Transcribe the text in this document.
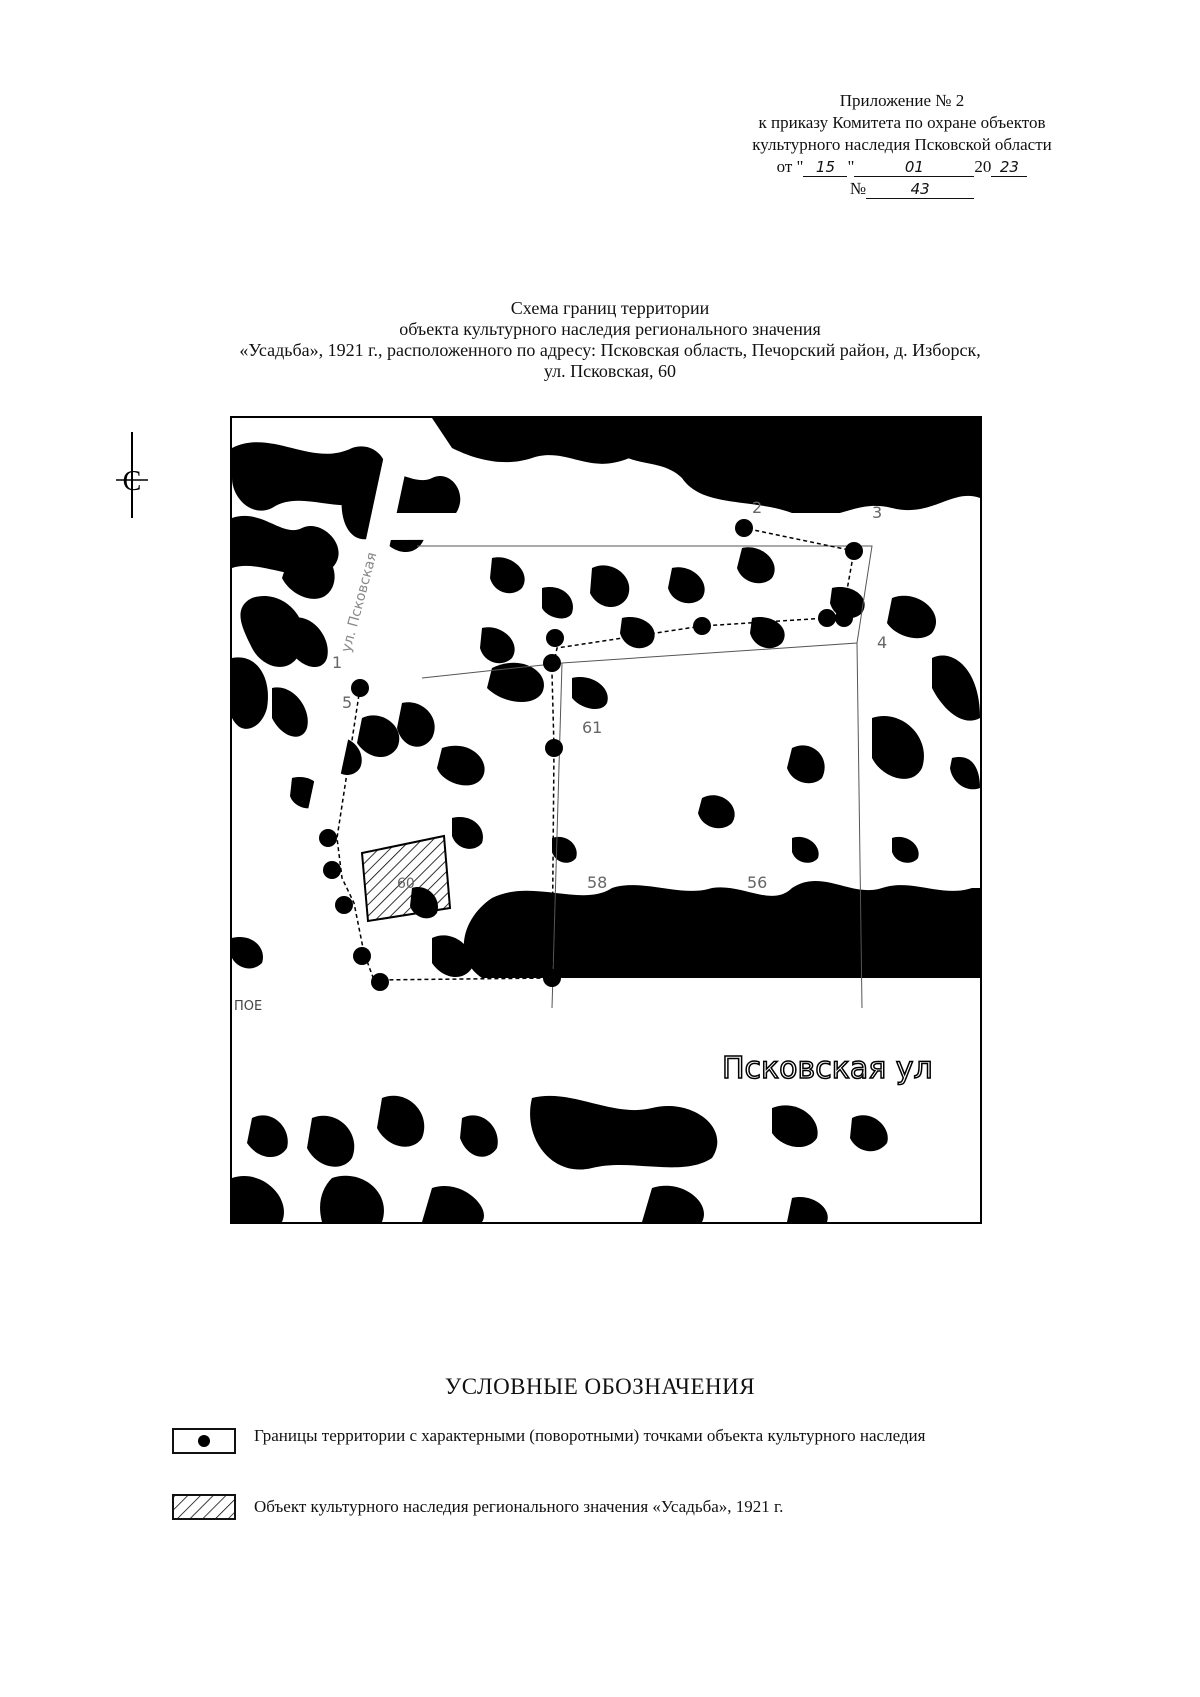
Приложение № 2
к приказу Комитета по охране объектов
культурного наследия Псковской области
от " 15 "	01	20 23
№	43
Схема границ территории
объекта культурного наследия регионального значения
«Усадьба», 1921 г., расположенного по адресу: Псковская область, Печорский район, д. Изборск,
ул. Псковская, 60
С
58	56
60
61
1
5
2	3
4
ул. Псковская
ПОЕ
Псковская ул
УСЛОВНЫЕ ОБОЗНАЧЕНИЯ
Границы территории с характерными (поворотными) точками объекта культурного наследия
Объект культурного наследия регионального значения «Усадьба», 1921 г.
